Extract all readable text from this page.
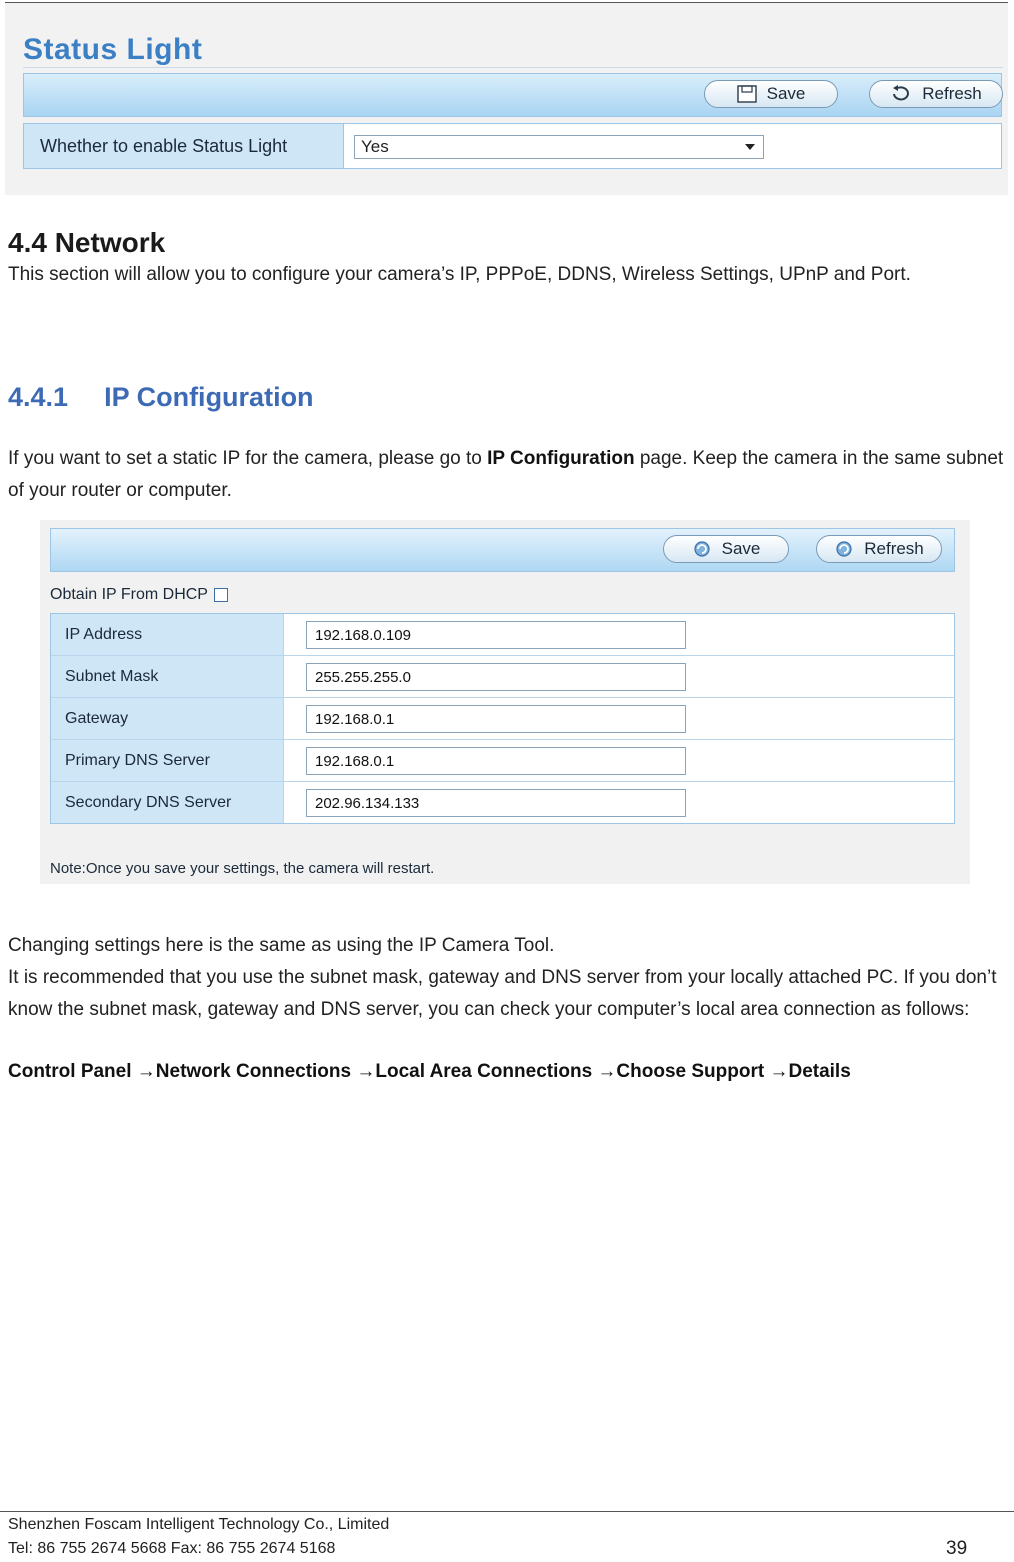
Status Light
Save	Refresh
Whether to enable Status Light	Yes
4.4 Network
This section will allow you to configure your camera’s IP, PPPoE, DDNS, Wireless Settings, UPnP and Port.
4.4.1 IP Configuration
If you want to set a static IP for the camera, please go to IP Configuration page. Keep the camera in the same subnet of your router or computer.
Save	Refresh
Obtain IP From DHCP
IP Address	192.168.0.109
Subnet Mask	255.255.255.0
Gateway	192.168.0.1
Primary DNS Server	192.168.0.1
Secondary DNS Server	202.96.134.133
Note:Once you save your settings, the camera will restart.
Changing settings here is the same as using the IP Camera Tool.
It is recommended that you use the subnet mask, gateway and DNS server from your locally attached PC. If you don’t know the subnet mask, gateway and DNS server, you can check your computer’s local area connection as follows:
Control Panel →Network Connections →Local Area Connections →Choose Support →Details
Shenzhen Foscam Intelligent Technology Co., Limited
Tel: 86 755 2674 5668 Fax: 86 755 2674 5168	39
